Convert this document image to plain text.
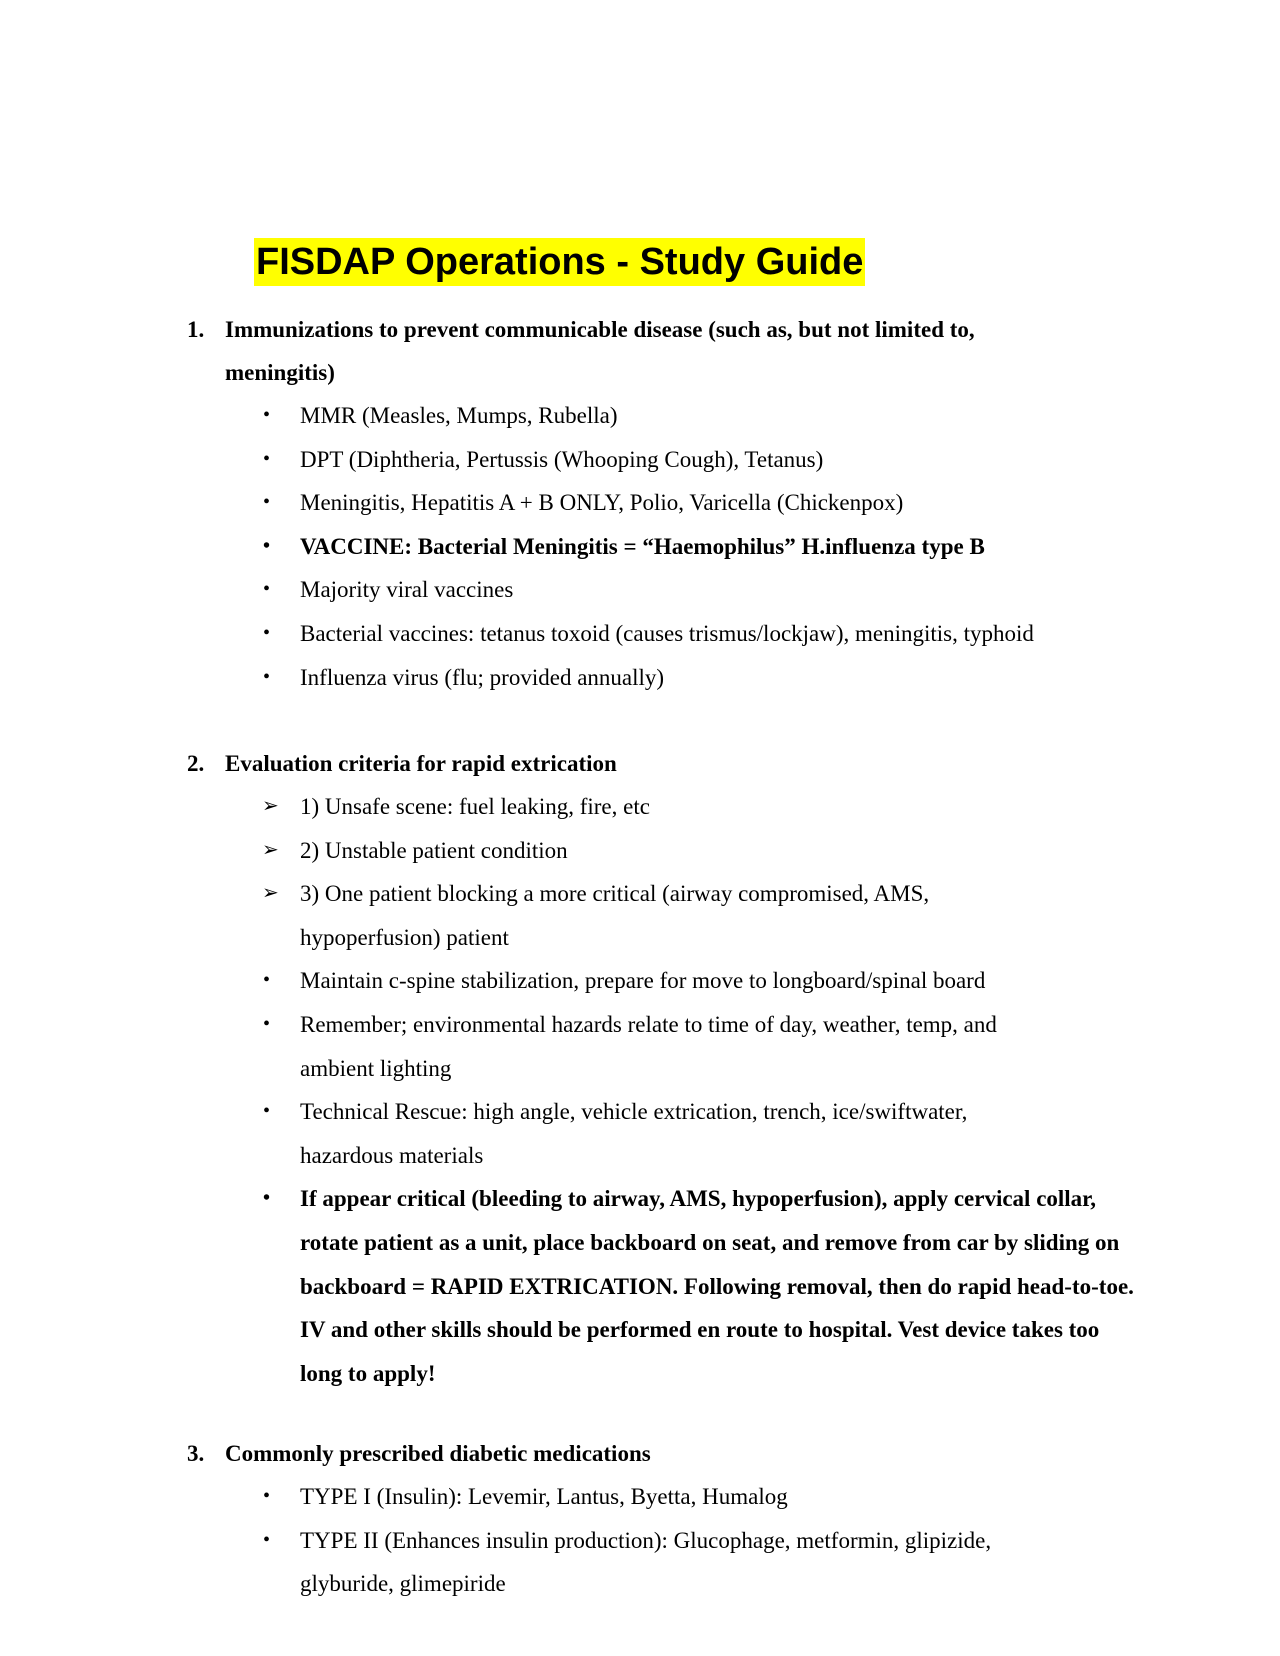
FISDAP Operations - Study Guide
1. Immunizations to prevent communicable disease (such as, but not limited to, meningitis)
• MMR (Measles, Mumps, Rubella)
• DPT (Diphtheria, Pertussis (Whooping Cough), Tetanus)
• Meningitis, Hepatitis A + B ONLY, Polio, Varicella (Chickenpox)
• VACCINE: Bacterial Meningitis = “Haemophilus” H.influenza type B
• Majority viral vaccines
• Bacterial vaccines: tetanus toxoid (causes trismus/lockjaw), meningitis, typhoid
• Influenza virus (flu; provided annually)
2. Evaluation criteria for rapid extrication
➢ 1) Unsafe scene: fuel leaking, fire, etc
➢ 2) Unstable patient condition
➢ 3) One patient blocking a more critical (airway compromised, AMS, hypoperfusion) patient
• Maintain c-spine stabilization, prepare for move to longboard/spinal board
• Remember; environmental hazards relate to time of day, weather, temp, and ambient lighting
• Technical Rescue: high angle, vehicle extrication, trench, ice/swiftwater, hazardous materials
• If appear critical (bleeding to airway, AMS, hypoperfusion), apply cervical collar, rotate patient as a unit, place backboard on seat, and remove from car by sliding on backboard = RAPID EXTRICATION. Following removal, then do rapid head-to-toe. IV and other skills should be performed en route to hospital. Vest device takes too long to apply!
3. Commonly prescribed diabetic medications
• TYPE I (Insulin): Levemir, Lantus, Byetta, Humalog
• TYPE II (Enhances insulin production): Glucophage, metformin, glipizide, glyburide, glimepiride
